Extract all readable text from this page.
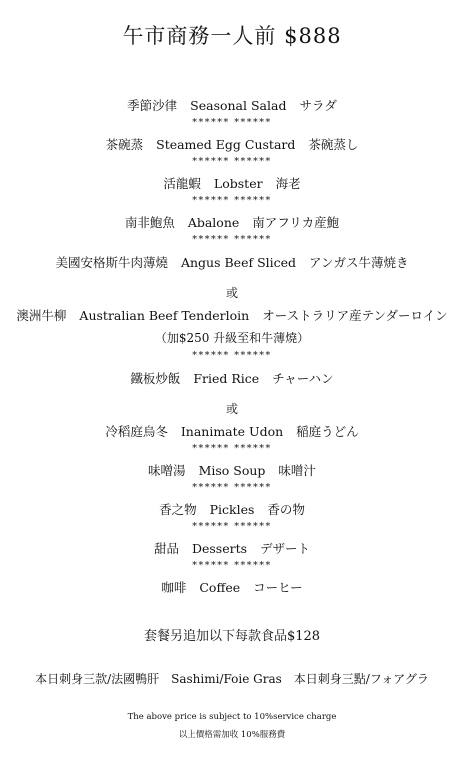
午市商務一人前 $888
季節沙律 Seasonal Salad サラダ
****** ******
茶碗蒸 Steamed Egg Custard 茶碗蒸し
****** ******
活龍蝦 Lobster 海老
****** ******
南非鮑魚 Abalone 南アフリカ産鮑
****** ******
美國安格斯牛肉薄燒 Angus Beef Sliced アンガス牛薄焼き
或
澳洲牛柳 Australian Beef Tenderloin オーストラリア産テンダーロイン
（加$250 升級至和牛薄燒）
****** ******
鐵板炒飯 Fried Rice チャーハン
或
冷稻庭烏冬 Inanimate Udon 稲庭うどん
****** ******
味噌湯 Miso Soup 味噌汁
****** ******
香之物 Pickles 香の物
****** ******
甜品 Desserts デザート
****** ******
咖啡 Coffee コーヒー
套餐另追加以下每款食品$128
本日刺身三款/法國鴨肝 Sashimi/Foie Gras 本日刺身三點/フォアグラ
The above price is subject to 10%service charge
以上價格需加收 10%服務費
